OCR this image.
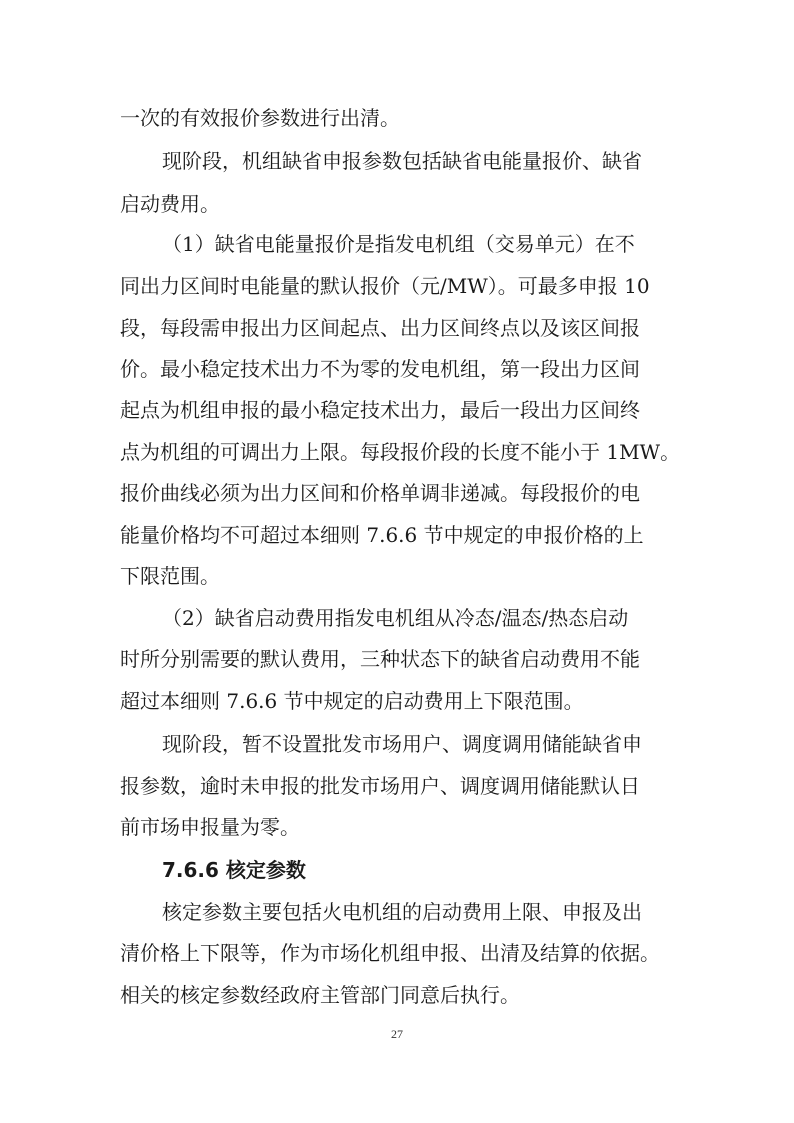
一次的有效报价参数进行出清。
现阶段，机组缺省申报参数包括缺省电能量报价、缺省
启动费用。
（1）缺省电能量报价是指发电机组（交易单元）在不
同出力区间时电能量的默认报价（元/MW）。可最多申报 10
段，每段需申报出力区间起点、出力区间终点以及该区间报
价。最小稳定技术出力不为零的发电机组，第一段出力区间
起点为机组申报的最小稳定技术出力，最后一段出力区间终
点为机组的可调出力上限。每段报价段的长度不能小于 1MW。
报价曲线必须为出力区间和价格单调非递减。每段报价的电
能量价格均不可超过本细则 7.6.6 节中规定的申报价格的上
下限范围。
（2）缺省启动费用指发电机组从冷态/温态/热态启动
时所分别需要的默认费用，三种状态下的缺省启动费用不能
超过本细则 7.6.6 节中规定的启动费用上下限范围。
现阶段，暂不设置批发市场用户、调度调用储能缺省申
报参数，逾时未申报的批发市场用户、调度调用储能默认日
前市场申报量为零。
7.6.6 核定参数
核定参数主要包括火电机组的启动费用上限、申报及出
清价格上下限等，作为市场化机组申报、出清及结算的依据。
相关的核定参数经政府主管部门同意后执行。
27
